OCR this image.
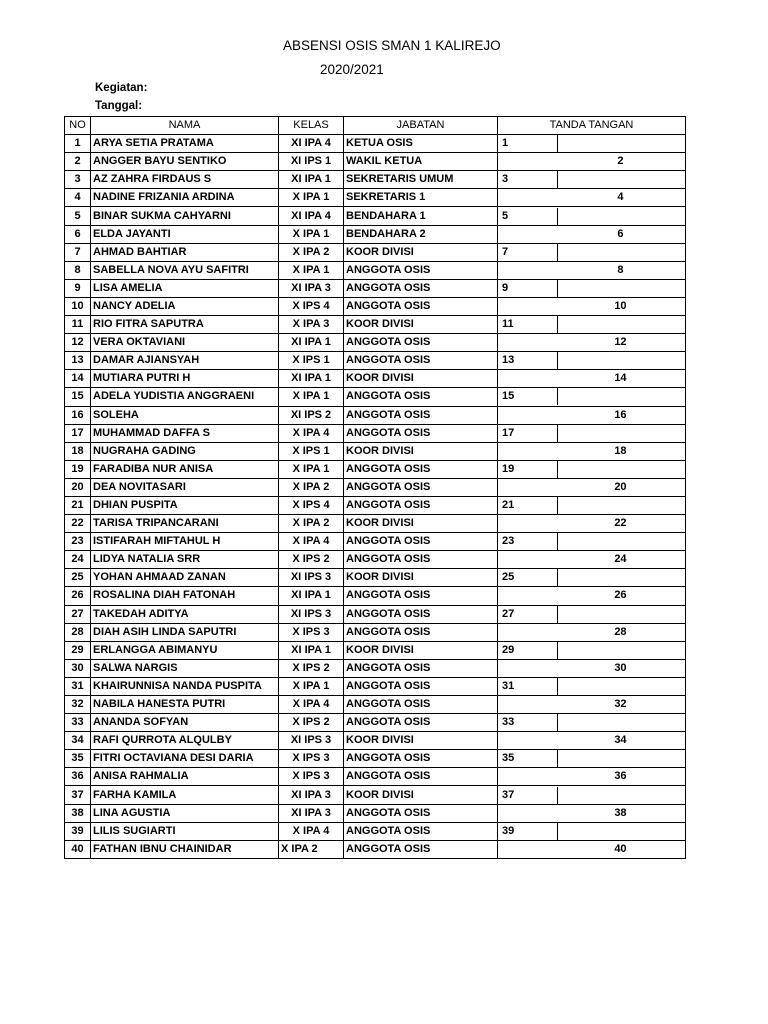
ABSENSI OSIS SMAN 1 KALIREJO
2020/2021
Kegiatan:
Tanggal:
NO	NAMA	KELAS	JABATAN	TANDA TANGAN
1	ARYA SETIA PRATAMA	XI IPA 4	KETUA OSIS	1

2	ANGGER BAYU SENTIKO	XI IPS 1	WAKIL KETUA	2

3	AZ ZAHRA FIRDAUS S	XI IPA 1	SEKRETARIS UMUM	3

4	NADINE FRIZANIA ARDINA	X IPA 1	SEKRETARIS 1	4

5	BINAR SUKMA CAHYARNI	XI IPA 4	BENDAHARA 1	5

6	ELDA JAYANTI	X IPA 1	BENDAHARA 2	6

7	AHMAD BAHTIAR	X IPA 2	KOOR DIVISI	7

8	SABELLA NOVA AYU SAFITRI	X IPA 1	ANGGOTA OSIS	8

9	LISA AMELIA	XI IPA 3	ANGGOTA OSIS	9

10	NANCY ADELIA	X IPS 4	ANGGOTA OSIS	10

11	RIO FITRA SAPUTRA	X IPA 3	KOOR DIVISI	11

12	VERA OKTAVIANI	XI IPA 1	ANGGOTA OSIS	12

13	DAMAR AJIANSYAH	X IPS 1	ANGGOTA OSIS	13

14	MUTIARA PUTRI H	XI IPA 1	KOOR DIVISI	14

15	ADELA YUDISTIA ANGGRAENI	X IPA 1	ANGGOTA OSIS	15

16	SOLEHA	XI IPS 2	ANGGOTA OSIS	16

17	MUHAMMAD DAFFA S	X IPA 4	ANGGOTA OSIS	17

18	NUGRAHA GADING	X IPS 1	KOOR DIVISI	18

19	FARADIBA NUR ANISA	X IPA 1	ANGGOTA OSIS	19

20	DEA NOVITASARI	X IPA 2	ANGGOTA OSIS	20

21	DHIAN PUSPITA	X IPS 4	ANGGOTA OSIS	21

22	TARISA TRIPANCARANI	X IPA 2	KOOR DIVISI	22

23	ISTIFARAH MIFTAHUL H	X IPA 4	ANGGOTA OSIS	23

24	LIDYA NATALIA SRR	X IPS 2	ANGGOTA OSIS	24

25	YOHAN AHMAAD ZANAN	XI IPS 3	KOOR DIVISI	25

26	ROSALINA DIAH FATONAH	XI IPA 1	ANGGOTA OSIS	26

27	TAKEDAH ADITYA	XI IPS 3	ANGGOTA OSIS	27

28	DIAH ASIH LINDA SAPUTRI	X IPS 3	ANGGOTA OSIS	28

29	ERLANGGA ABIMANYU	XI IPA 1	KOOR DIVISI	29

30	SALWA NARGIS	X IPS 2	ANGGOTA OSIS	30

31	KHAIRUNNISA NANDA PUSPITA	X IPA 1	ANGGOTA OSIS	31

32	NABILA HANESTA PUTRI	X IPA 4	ANGGOTA OSIS	32

33	ANANDA SOFYAN	X IPS 2	ANGGOTA OSIS	33

34	RAFI QURROTA ALQULBY	XI IPS 3	KOOR DIVISI	34

35	FITRI OCTAVIANA DESI DARIA	X IPS 3	ANGGOTA OSIS	35

36	ANISA RAHMALIA	X IPS 3	ANGGOTA OSIS	36

37	FARHA KAMILA	XI IPA 3	KOOR DIVISI	37

38	LINA AGUSTIA	XI IPA 3	ANGGOTA OSIS	38

39	LILIS SUGIARTI	X IPA 4	ANGGOTA OSIS	39

40	FATHAN IBNU CHAINIDAR	X IPA 2	ANGGOTA OSIS	40
